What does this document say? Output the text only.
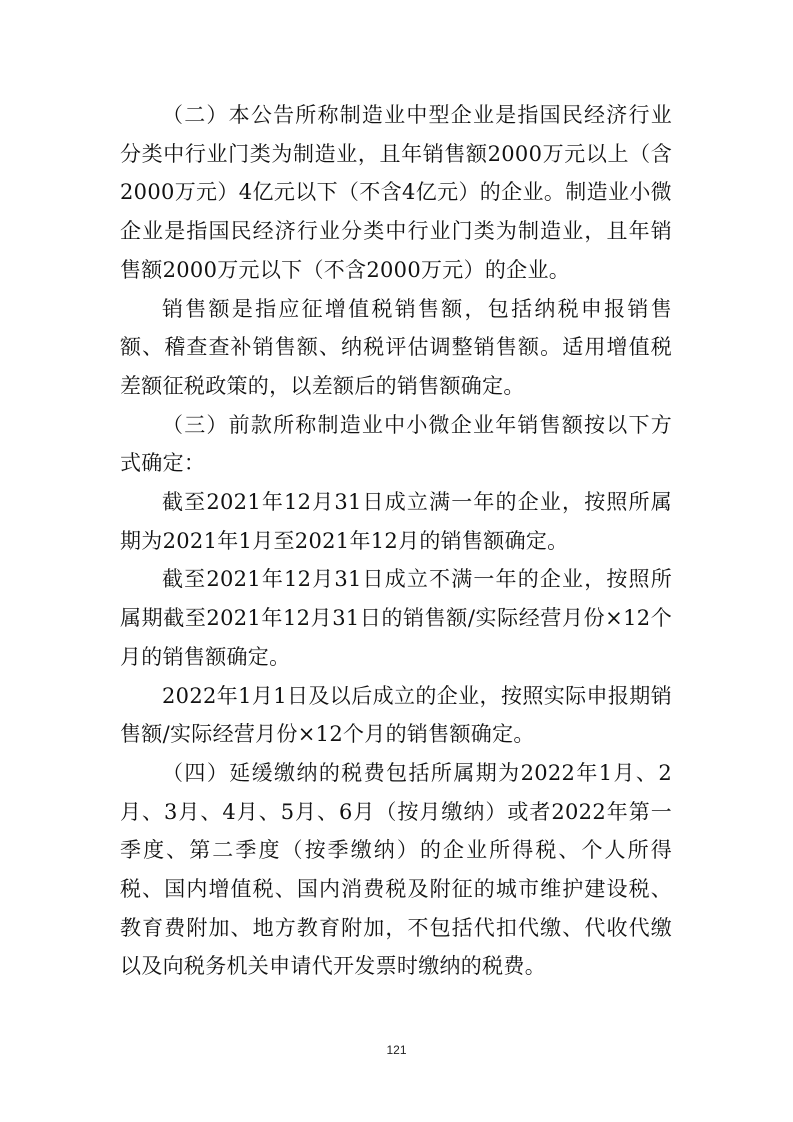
（二）本公告所称制造业中型企业是指国民经济行业分类中行业门类为制造业，且年销售额2000万元以上（含2000万元）4亿元以下（不含4亿元）的企业。制造业小微企业是指国民经济行业分类中行业门类为制造业，且年销售额2000万元以下（不含2000万元）的企业。

销售额是指应征增值税销售额，包括纳税申报销售额、稽查查补销售额、纳税评估调整销售额。适用增值税差额征税政策的，以差额后的销售额确定。

（三）前款所称制造业中小微企业年销售额按以下方式确定：

截至2021年12月31日成立满一年的企业，按照所属期为2021年1月至2021年12月的销售额确定。

截至2021年12月31日成立不满一年的企业，按照所属期截至2021年12月31日的销售额/实际经营月份×12个月的销售额确定。

2022年1月1日及以后成立的企业，按照实际申报期销售额/实际经营月份×12个月的销售额确定。

（四）延缓缴纳的税费包括所属期为2022年1月、2月、3月、4月、5月、6月（按月缴纳）或者2022年第一季度、第二季度（按季缴纳）的企业所得税、个人所得税、国内增值税、国内消费税及附征的城市维护建设税、教育费附加、地方教育附加，不包括代扣代缴、代收代缴以及向税务机关申请代开发票时缴纳的税费。

121
